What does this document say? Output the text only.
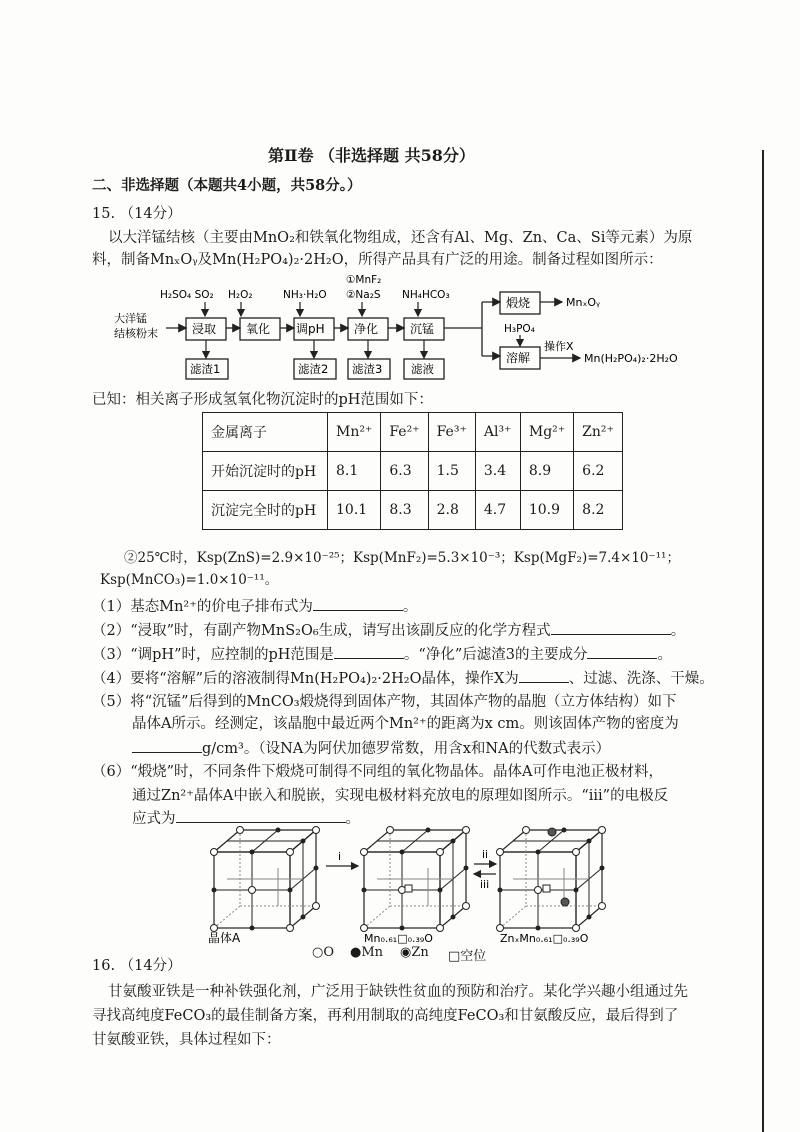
第Ⅱ卷 （非选择题 共58分）
二、非选择题（本题共4小题，共58分。）
15. （14分）
以大洋锰结核（主要由MnO₂和铁氧化物组成，还含有Al、Mg、Zn、Ca、Si等元素）为原
料，制备MnₓOᵧ及Mn(H₂PO₄)₂·2H₂O，所得产品具有广泛的用途。制备过程如图所示：
大洋锰
结核粉末
H₂SO₄ SO₂ H₂O₂	NH₃·H₂O
①MnF₂
②Na₂S NH₄HCO₃
浸取 氧化 调pH 净化	沉锰
滤渣1	滤渣2 滤渣3 滤液
煅烧	MnₓOᵧ
H₃PO₄
溶解
操作X
Mn(H₂PO₄)₂·2H₂O
已知：相关离子形成氢氧化物沉淀时的pH范围如下：
金属离子	Mn²⁺	Fe²⁺	Fe³⁺	Al³⁺	Mg²⁺	Zn²⁺
开始沉淀时的pH	8.1	6.3	1.5	3.4	8.9	6.2
沉淀完全时的pH	10.1	8.3	2.8	4.7	10.9	8.2
②25℃时，Ksp(ZnS)=2.9×10⁻²⁵；Ksp(MnF₂)=5.3×10⁻³；Ksp(MgF₂)=7.4×10⁻¹¹；
Ksp(MnCO₃)=1.0×10⁻¹¹。
（1）基态Mn²⁺的价电子排布式为	。
（2）“浸取”时，有副产物MnS₂O₆生成，请写出该副反应的化学方程式	。
（3）“调pH”时，应控制的pH范围是	。“净化”后滤渣3的主要成分	。
（4）要将“溶解”后的溶液制得Mn(H₂PO₄)₂·2H₂O晶体，操作X为	、过滤、洗涤、干燥。
（5）将“沉锰”后得到的MnCO₃煅烧得到固体产物，其固体产物的晶胞（立方体结构）如下
晶体A所示。经测定，该晶胞中最近两个Mn²⁺的距离为x cm。则该固体产物的密度为
g/cm³。（设NA为阿伏加德罗常数，用含x和NA的代数式表示）
（6）“煅烧”时，不同条件下煅烧可制得不同组的氧化物晶体。晶体A可作电池正极材料，
通过Zn²⁺晶体A中嵌入和脱嵌，实现电极材料充放电的原理如图所示。“iii”的电极反
应式为	。
i	ii
iii
晶体A	Mn₀.₆₁□₀.₃₉O	ZnₓMn₀.₆₁□₀.₃₉O
○O ●Mn ◉Zn □空位
16. （14分）
甘氨酸亚铁是一种补铁强化剂，广泛用于缺铁性贫血的预防和治疗。某化学兴趣小组通过先
寻找高纯度FeCO₃的最佳制备方案，再利用制取的高纯度FeCO₃和甘氨酸反应，最后得到了
甘氨酸亚铁，具体过程如下：
